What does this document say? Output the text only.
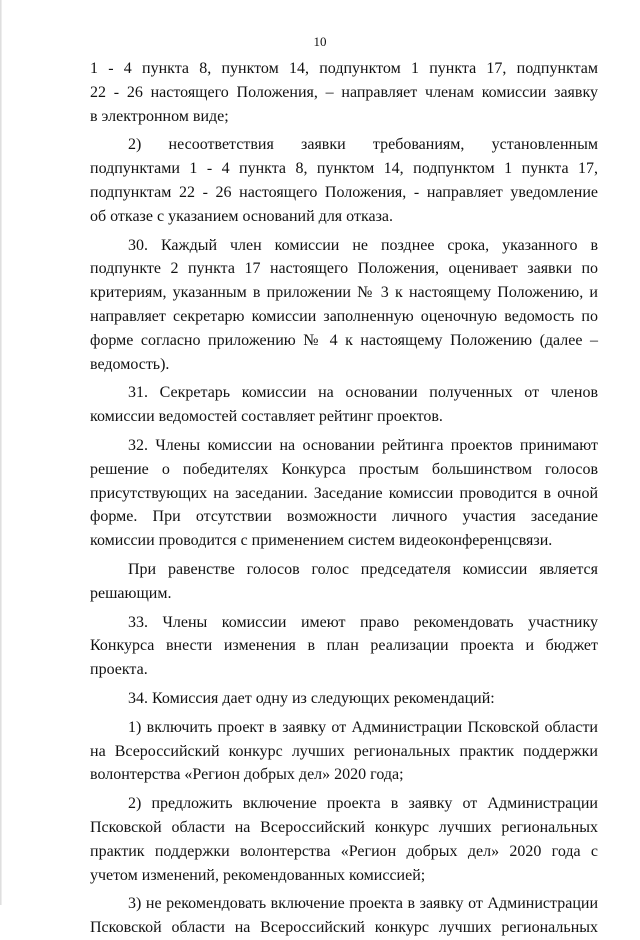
10

1 - 4 пункта 8, пунктом 14, подпунктом 1 пункта 17, подпунктам

22 - 26 настоящего Положения, – направляет членам комиссии заявку

в электронном виде;

2) несоответствия заявки требованиям, установленным

подпунктами 1 - 4 пункта 8, пунктом 14, подпунктом 1 пункта 17,

подпунктам 22 - 26 настоящего Положения, - направляет уведомление

об отказе с указанием оснований для отказа.

30. Каждый член комиссии не позднее срока, указанного в

подпункте 2 пункта 17 настоящего Положения, оценивает заявки по

критериям, указанным в приложении № 3 к настоящему Положению, и

направляет секретарю комиссии заполненную оценочную ведомость по

форме согласно приложению № 4 к настоящему Положению (далее –

ведомость).

31. Секретарь комиссии на основании полученных от членов

комиссии ведомостей составляет рейтинг проектов.

32. Члены комиссии на основании рейтинга проектов принимают

решение о победителях Конкурса простым большинством голосов

присутствующих на заседании. Заседание комиссии проводится в очной

форме. При отсутствии возможности личного участия заседание

комиссии проводится с применением систем видеоконференцсвязи.

При равенстве голосов голос председателя комиссии является

решающим.

33. Члены комиссии имеют право рекомендовать участнику

Конкурса внести изменения в план реализации проекта и бюджет

проекта.

34. Комиссия дает одну из следующих рекомендаций:

1) включить проект в заявку от Администрации Псковской области

на Всероссийский конкурс лучших региональных практик поддержки

волонтерства «Регион добрых дел» 2020 года;

2) предложить включение проекта в заявку от Администрации

Псковской области на Всероссийский конкурс лучших региональных

практик поддержки волонтерства «Регион добрых дел» 2020 года с

учетом изменений, рекомендованных комиссией;

3) не рекомендовать включение проекта в заявку от Администрации

Псковской области на Всероссийский конкурс лучших региональных
